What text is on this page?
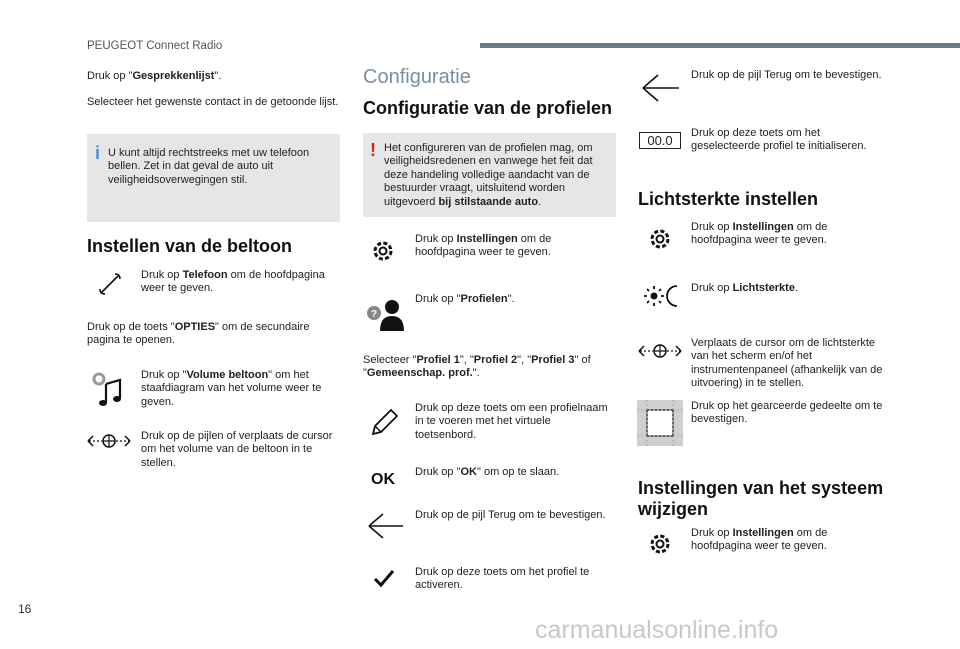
PEUGEOT Connect Radio
16
carmanualsonline.info
Druk op "Gesprekkenlijst".
Selecteer het gewenste contact in de getoonde lijst.
i U kunt altijd rechtstreeks met uw telefoon bellen. Zet in dat geval de auto uit veiligheidsoverwegingen stil.
Instellen van de beltoon
Druk op Telefoon om de hoofdpagina weer te geven.
Druk op de toets "OPTIES" om de secundaire pagina te openen.
Druk op "Volume beltoon" om het staafdiagram van het volume weer te geven.
Druk op de pijlen of verplaats de cursor om het volume van de beltoon in te stellen.
Configuratie
Configuratie van de profielen
! Het configureren van de profielen mag, om veiligheidsredenen en vanwege het feit dat deze handeling volledige aandacht van de bestuurder vraagt, uitsluitend worden uitgevoerd bij stilstaande auto.
Druk op Instellingen om de hoofdpagina weer te geven.
?
Druk op "Profielen".
Selecteer "Profiel 1", "Profiel 2", "Profiel 3" of "Gemeenschap. prof.".
Druk op deze toets om een profielnaam in te voeren met het virtuele toetsenbord.
OK Druk op "OK" om op te slaan.
Druk op de pijl Terug om te bevestigen.
Druk op deze toets om het profiel te activeren.
Druk op de pijl Terug om te bevestigen.
00.0	Druk op deze toets om het geselecteerde profiel te initialiseren.
Lichtsterkte instellen
Druk op Instellingen om de hoofdpagina weer te geven.
Druk op Lichtsterkte.
Verplaats de cursor om de lichtsterkte van het scherm en/of het instrumentenpaneel (afhankelijk van de uitvoering) in te stellen.
Druk op het gearceerde gedeelte om te bevestigen.
Instellingen van het systeem wijzigen
Druk op Instellingen om de hoofdpagina weer te geven.
